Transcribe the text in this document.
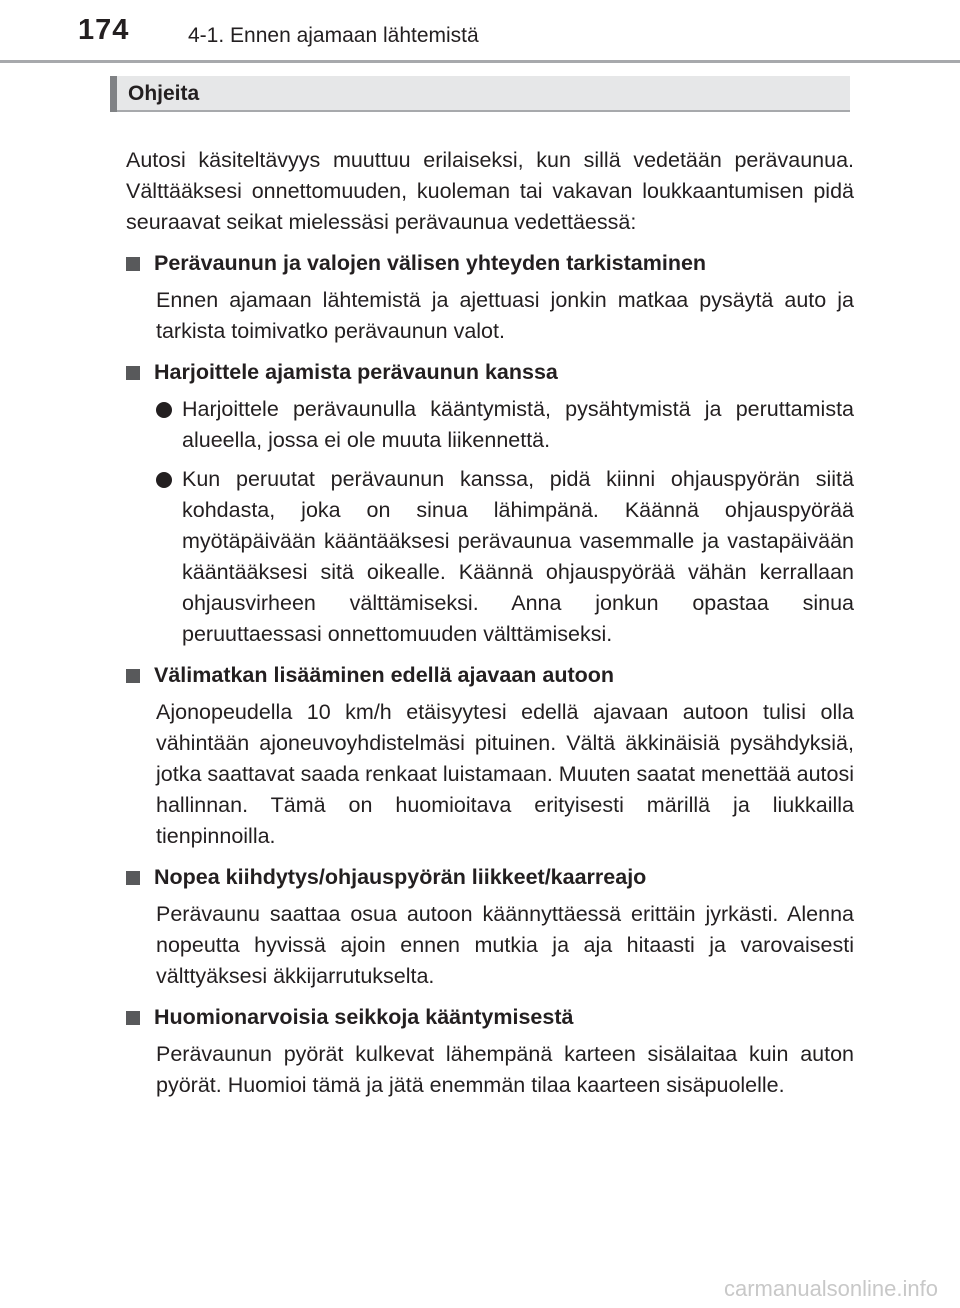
174	4-1. Ennen ajamaan lähtemistä
Ohjeita

Autosi käsiteltävyys muuttuu erilaiseksi, kun sillä vedetään perävaunua. Välttääksesi onnettomuuden, kuoleman tai vakavan loukkaantumisen pidä seuraavat seikat mielessäsi perävaunua vedettäessä:

Perävaunun ja valojen välisen yhteyden tarkistaminen

Ennen ajamaan lähtemistä ja ajettuasi jonkin matkaa pysäytä auto ja tarkista toimivatko perävaunun valot.

Harjoittele ajamista perävaunun kanssa
Harjoittele perävaunulla kääntymistä, pysähtymistä ja peruttamista alueella, jossa ei ole muuta liikennettä.
Kun peruutat perävaunun kanssa, pidä kiinni ohjauspyörän siitä kohdasta, joka on sinua lähimpänä. Käännä ohjauspyörää myötäpäivään kääntääksesi perävaunua vasemmalle ja vastapäivään kääntääksesi sitä oikealle. Käännä ohjauspyörää vähän kerrallaan ohjausvirheen välttämiseksi. Anna jonkun opastaa sinua peruuttaessasi onnettomuuden välttämiseksi.
Välimatkan lisääminen edellä ajavaan autoon

Ajonopeudella 10 km/h etäisyytesi edellä ajavaan autoon tulisi olla vähintään ajoneuvoyhdistelmäsi pituinen. Vältä äkkinäisiä pysähdyksiä, jotka saattavat saada renkaat luistamaan. Muuten saatat menettää autosi hallinnan. Tämä on huomioitava erityisesti märillä ja liukkailla tienpinnoilla.

Nopea kiihdytys/ohjauspyörän liikkeet/kaarreajo

Perävaunu saattaa osua autoon käännyttäessä erittäin jyrkästi. Alenna nopeutta hyvissä ajoin ennen mutkia ja aja hitaasti ja varovaisesti välttyäksesi äkkijarrutukselta.

Huomionarvoisia seikkoja kääntymisestä

Perävaunun pyörät kulkevat lähempänä karteen sisälaitaa kuin auton pyörät. Huomioi tämä ja jätä enemmän tilaa kaarteen sisäpuolelle.

carmanualsonline.info
